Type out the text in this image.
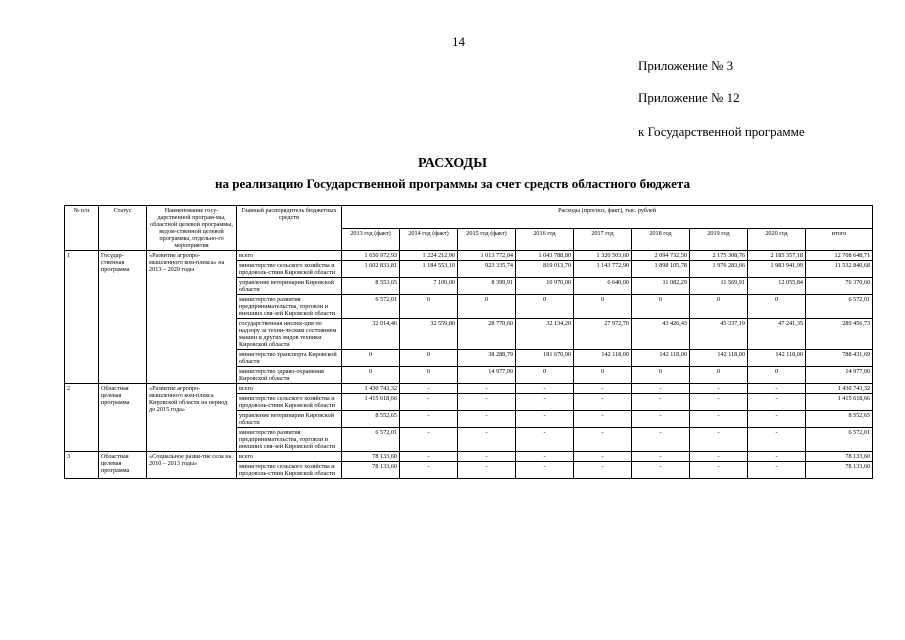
14
Приложение № 3
Приложение № 12
к Государственной программе
РАСХОДЫ
на реализацию Государственной программы за счет средств областного бюджета
№ п/п	Статус	Наименование госу-дарственной програм-мы, областной целевой программы, ведом-ственной целевой программы, отдельно-го мероприятия	Главный распорядитель бюджетных средств	Расходы (прогноз, факт), тыс. рублей								
				2013 год (факт)	2014 год (факт)	2015 год (факт)	2016 год	2017 год	2018 год	2019 год	2020 год	итого
1	Государ-ственная программа	«Развитие агропро-мышленного ком-плекса» на 2013 – 2020 годы	всего	1 650 972,93	1 224 212,90	1 013 772,04	1 043 788,80	1 320 503,60	2 094 732,50	2 175 308,76	2 185 357,18	12 708 648,71
			министерство сельского хозяйства и продоволь-ствия Кировской области	1 602 833,81	1 184 553,10	923 335,74	819 013,70	1 143 772,90	1 898 105,78	1 976 283,66	1 983 941,99	11 532 840,68
			управление ветеринарии Кировской области	8 553,65	7 100,00	8 399,91	10 970,00	6 640,00	11 082,29	11 569,91	12 055,84	76 370,60
			министерство развития предпринимательства, торговли и внешних свя-зей Кировской области	6 572,01	0	0	0	0	0	0	0	6 572,01
			государственная инспек-ция по надзору за техни-ческим состоянием машин и других видов техники Кировской области	32 014,46	32 559,80	28 770,60	32 134,20	27 972,70	43 426,43	45 337,19	47 241,35	289 456,73
			министерство транспорта Кировской области	0	0	38 288,79	181 670,90	142 118,00	142 118,00	142 118,00	142 118,00	788 431,69
			министерство здраво-охранения Кировской области	0	0	14 977,00	0	0	0	0	0	14 977,00
2	Областная целевая программа	«Развитие агропро-мышленного ком-плекса Кировской области на период до 2015 года»	всего	1 430 743,32	-	-	-	-	-	-	-	1 430 743,32
			министерство сельского хозяйства и продоволь-ствия Кировской области	1 415 618,66	-	-	-	-	-	-	-	1 415 618,66
			управление ветеринарии Кировской области	8 552,65	-	-	-	-	-	-	-	8 552,65
			министерство развития предпринимательства, торговли и внешних свя-зей Кировской области	6 572,01	-	-	-	-	-	-	-	6 572,01
3	Областная целевая программа	«Социальное разви-тие села на 2010 – 2013 годы»	всего	78 133,60	-	-	-	-	-	-	-	78 133,60
			министерство сельского хозяйства и продоволь-ствия Кировской области	78 133,60	-	-	-	-	-	-	-	78 133,60
